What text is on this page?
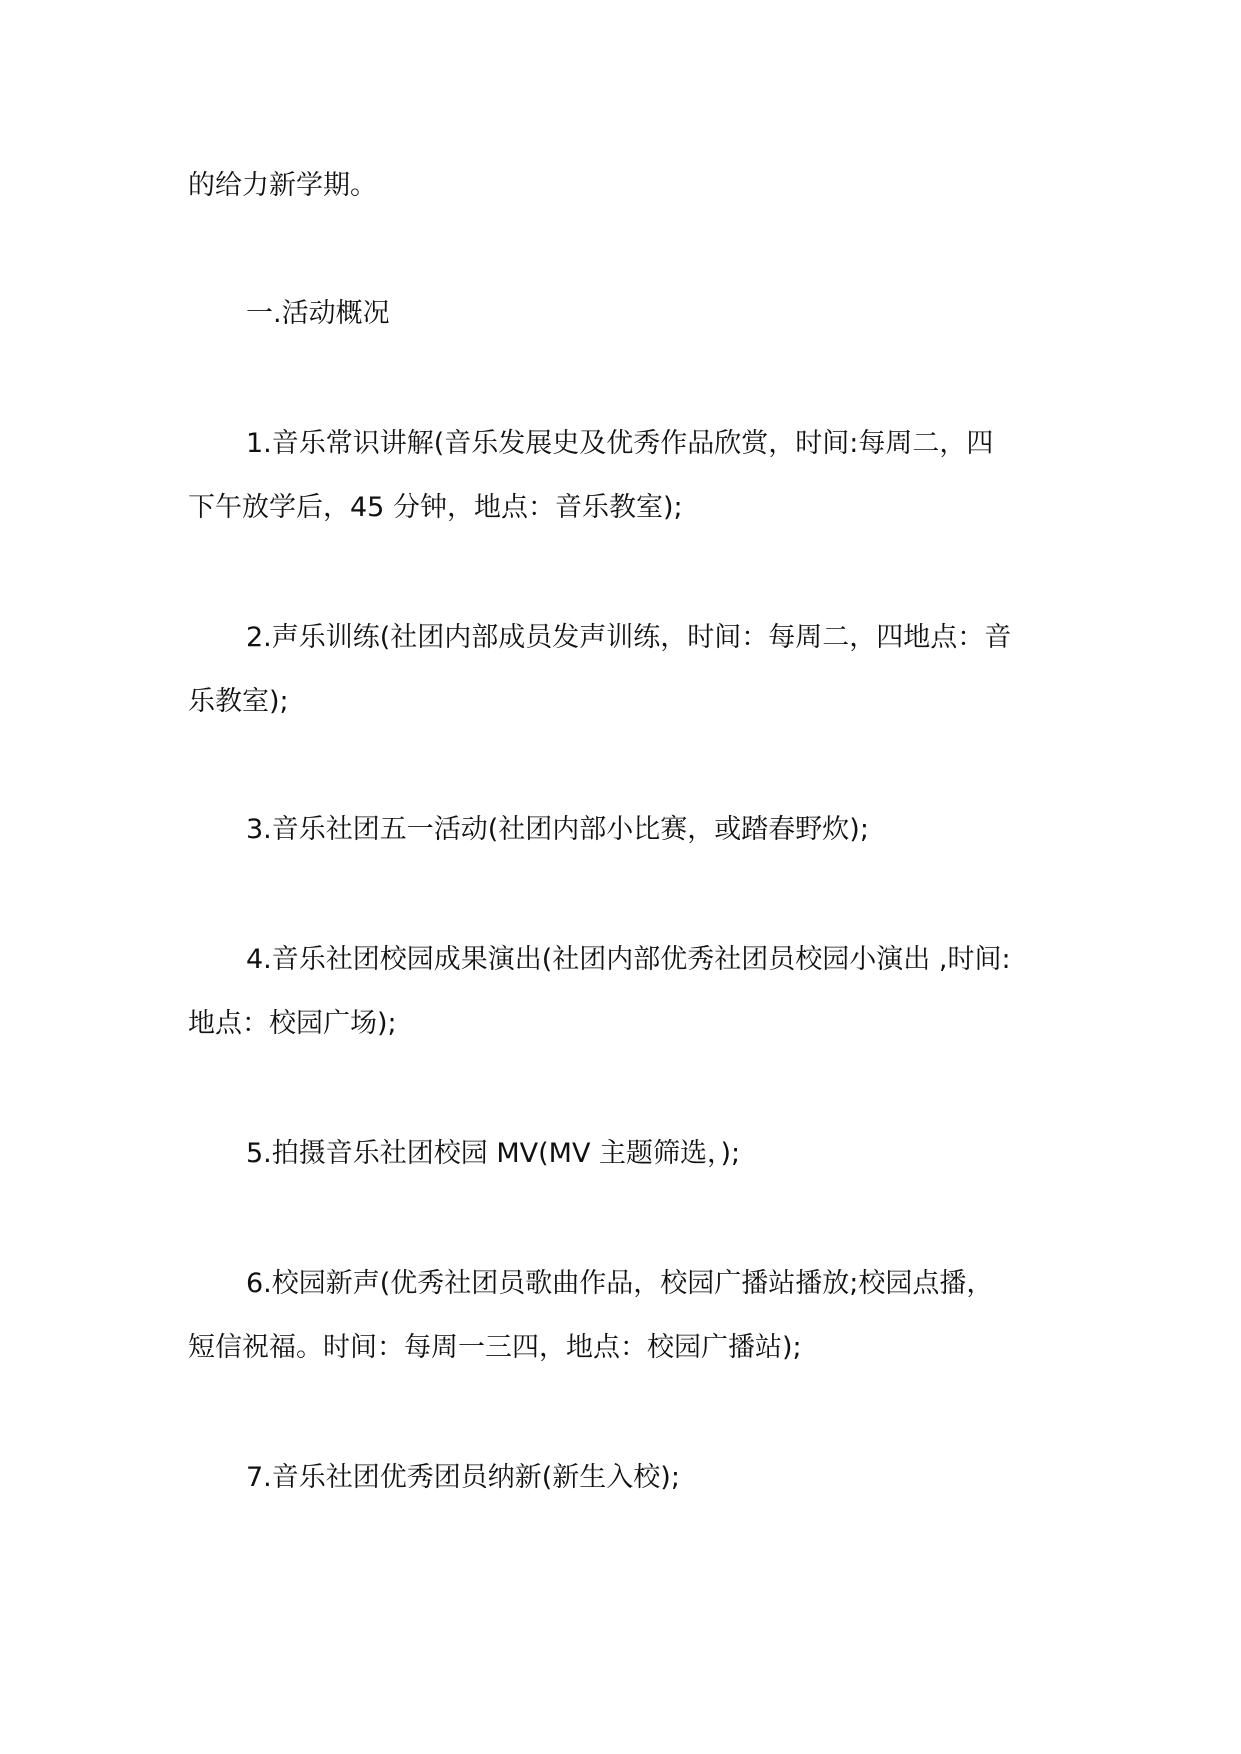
的给力新学期。
一.活动概况
1.音乐常识讲解(音乐发展史及优秀作品欣赏，时间:每周二，四
下午放学后，45 分钟，地点：音乐教室);
2.声乐训练(社团内部成员发声训练，时间：每周二，四地点：音
乐教室);
3.音乐社团五一活动(社团内部小比赛，或踏春野炊);
4.音乐社团校园成果演出(社团内部优秀社团员校园小演出 ,时间:
地点：校园广场);
5.拍摄音乐社团校园 MV(MV 主题筛选，);
6.校园新声(优秀社团员歌曲作品，校园广播站播放;校园点播，
短信祝福。时间：每周一三四，地点：校园广播站);
7.音乐社团优秀团员纳新(新生入校);
